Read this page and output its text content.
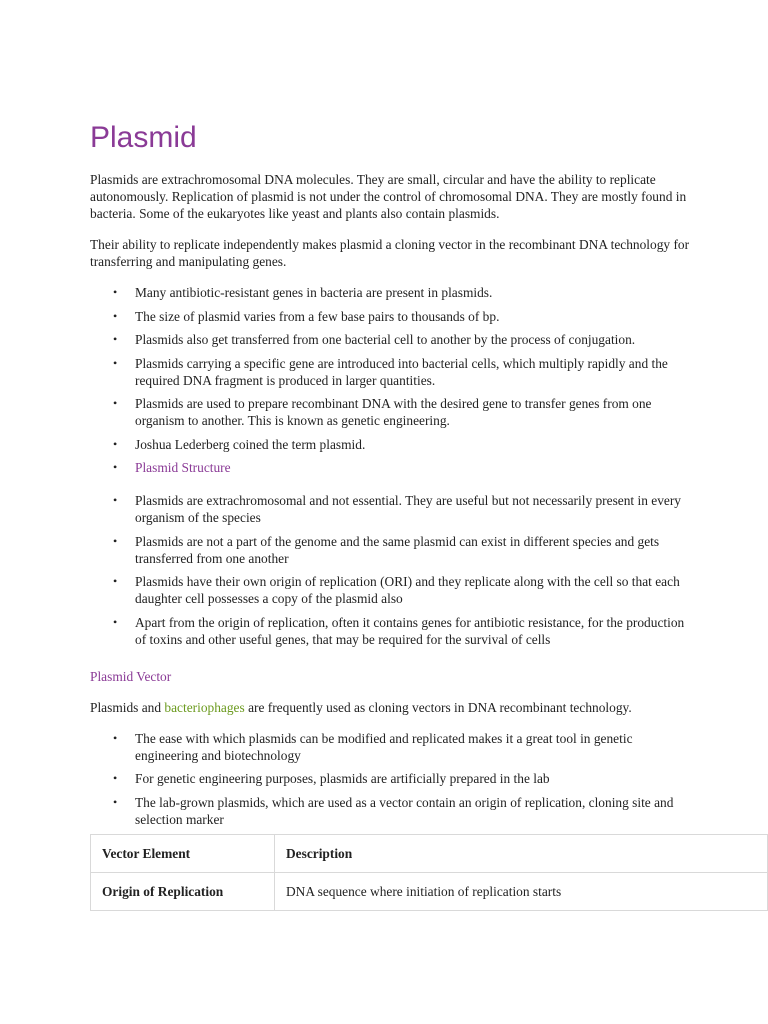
Plasmid

Plasmids are extrachromosomal DNA molecules. They are small, circular and have the ability to replicate autonomously. Replication of plasmid is not under the control of chromosomal DNA. They are mostly found in bacteria. Some of the eukaryotes like yeast and plants also contain plasmids.

Their ability to replicate independently makes plasmid a cloning vector in the recombinant DNA technology for transferring and manipulating genes.

• Many antibiotic-resistant genes in bacteria are present in plasmids.
• The size of plasmid varies from a few base pairs to thousands of bp.
• Plasmids also get transferred from one bacterial cell to another by the process of conjugation.
• Plasmids carrying a specific gene are introduced into bacterial cells, which multiply rapidly and the required DNA fragment is produced in larger quantities.
• Plasmids are used to prepare recombinant DNA with the desired gene to transfer genes from one organism to another. This is known as genetic engineering.
• Joshua Lederberg coined the term plasmid.
• Plasmid Structure
• Plasmids are extrachromosomal and not essential. They are useful but not necessarily present in every organism of the species
• Plasmids are not a part of the genome and the same plasmid can exist in different species and gets transferred from one another
• Plasmids have their own origin of replication (ORI) and they replicate along with the cell so that each daughter cell possesses a copy of the plasmid also
• Apart from the origin of replication, often it contains genes for antibiotic resistance, for the production of toxins and other useful genes, that may be required for the survival of cells
Plasmid Vector

Plasmids and bacteriophages are frequently used as cloning vectors in DNA recombinant technology.

• The ease with which plasmids can be modified and replicated makes it a great tool in genetic engineering and biotechnology
• For genetic engineering purposes, plasmids are artificially prepared in the lab
• The lab-grown plasmids, which are used as a vector contain an origin of replication, cloning site and selection marker
Vector Element	Description
Origin of Replication	DNA sequence where initiation of replication starts
